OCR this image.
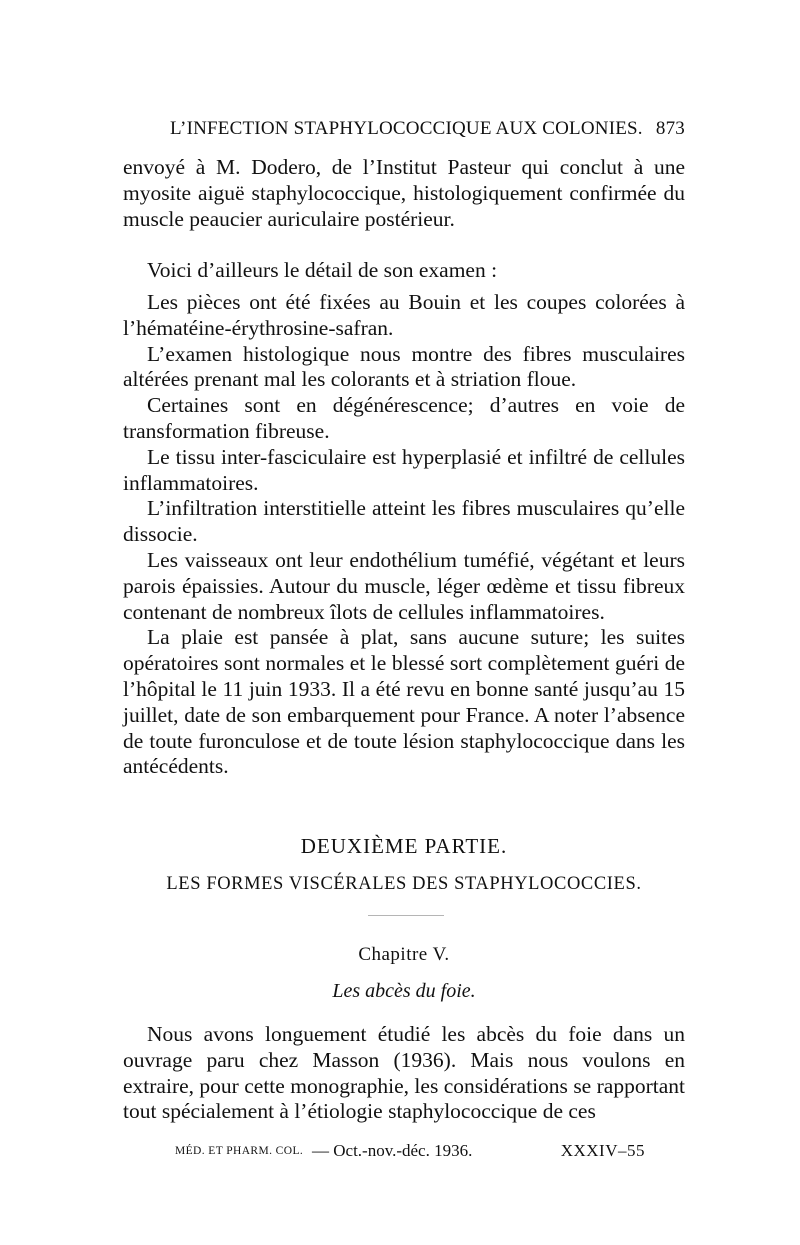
L’INFECTION STAPHYLOCOCCIQUE AUX COLONIES. 873

envoyé à M. Dodero, de l’Institut Pasteur qui conclut à une myosite aiguë staphylococcique, histologiquement confirmée du muscle peaucier auriculaire postérieur.

Voici d’ailleurs le détail de son examen :

Les pièces ont été fixées au Bouin et les coupes colorées à l’hématéine-érythrosine-safran.

L’examen histologique nous montre des fibres musculaires altérées prenant mal les colorants et à striation floue.

Certaines sont en dégénérescence; d’autres en voie de transformation fibreuse.

Le tissu inter-fasciculaire est hyperplasié et infiltré de cellules inflammatoires.

L’infiltration interstitielle atteint les fibres musculaires qu’elle dissocie.

Les vaisseaux ont leur endothélium tuméfié, végétant et leurs parois épaissies. Autour du muscle, léger œdème et tissu fibreux contenant de nombreux îlots de cellules inflammatoires.

La plaie est pansée à plat, sans aucune suture; les suites opératoires sont normales et le blessé sort complètement guéri de l’hôpital le 11 juin 1933. Il a été revu en bonne santé jusqu’au 15 juillet, date de son embarquement pour France. A noter l’absence de toute furonculose et de toute lésion staphylococcique dans les antécédents.

DEUXIÈME PARTIE.
LES FORMES VISCÉRALES DES STAPHYLOCOCCIES.
Chapitre V.
Les abcès du foie.

Nous avons longuement étudié les abcès du foie dans un ouvrage paru chez Masson (1936). Mais nous voulons en extraire, pour cette monographie, les considérations se rapportant tout spécialement à l’étiologie staphylococcique de ces

MÉD. ET PHARM. COL. — Oct.-nov.-déc. 1936.	XXXIV–55
